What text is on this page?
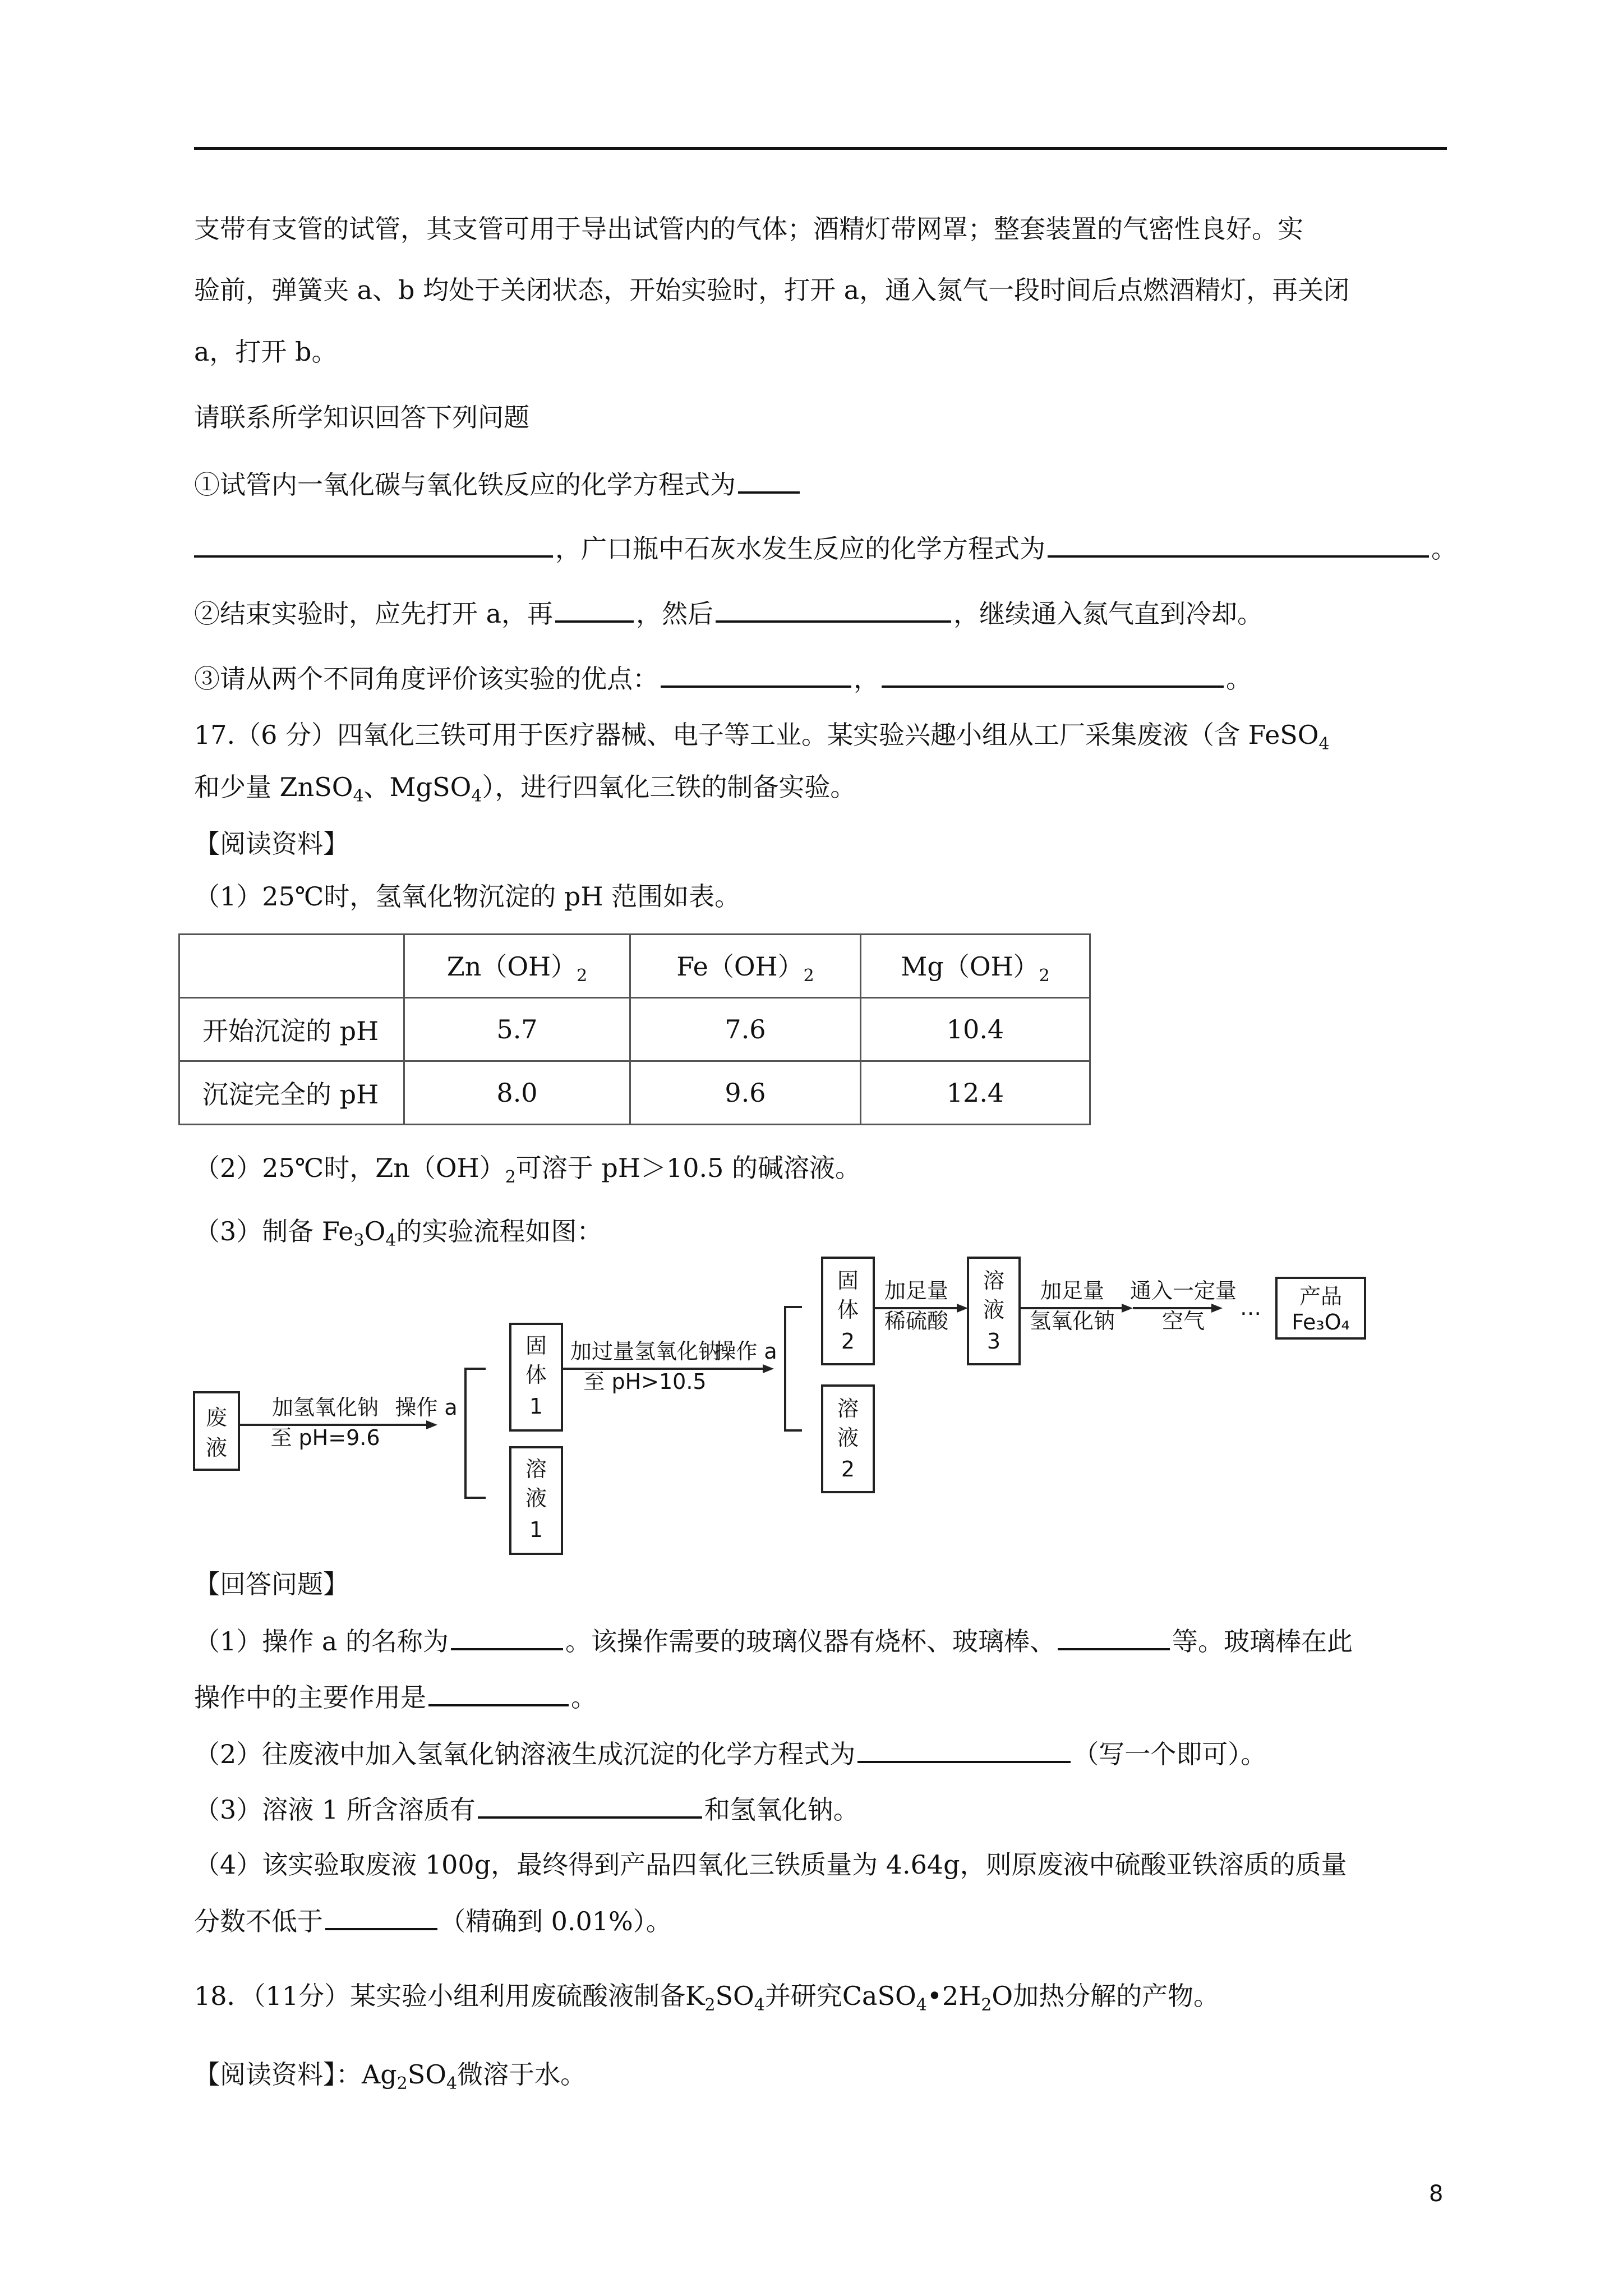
支带有支管的试管，其支管可用于导出试管内的气体；酒精灯带网罩；整套装置的气密性良好。实
验前，弹簧夹 a、b 均处于关闭状态，开始实验时，打开 a，通入氮气一段时间后点燃酒精灯，再关闭
a，打开 b。
请联系所学知识回答下列问题
①试管内一氧化碳与氧化铁反应的化学方程式为
，广口瓶中石灰水发生反应的化学方程式为	。
②结束实验时，应先打开 a，再	，然后	，继续通入氮气直到冷却。
③请从两个不同角度评价该实验的优点：	，	。
17.（6 分）四氧化三铁可用于医疗器械、电子等工业。某实验兴趣小组从工厂采集废液（含 FeSO$_4$
和少量 ZnSO$_4$、MgSO$_4$），进行四氧化三铁的制备实验。
【阅读资料】
（1）25℃时，氢氧化物沉淀的 pH 范围如表。
	$Zn(OH)_2$	$Fe(OH)_2$	$Mg(OH)_2$
开始沉淀的 pH	5.7	7.6	10.4
沉淀完全的 pH	8.0	9.6	12.4
（2）25℃时，$Zn(OH)_2$可溶于 pH＞10.5 的碱溶液。
（3）制备 $Fe_3O_4$的实验流程如图：
废
液
加氢氧化钠
至 pH=9.6
操作 a
固
体
1
溶
液
1
加过量氢氧化钠
至 pH>10.5
操作 a
固
体
2
溶
液
2
加足量
稀硫酸
溶
液
3
加足量
氢氧化钠
通入一定量
空气
… 产品
Fe₃O₄
【回答问题】
（1）操作 a 的名称为	。该操作需要的玻璃仪器有烧杯、玻璃棒、	等。玻璃棒在此
操作中的主要作用是	。
（2）往废液中加入氢氧化钠溶液生成沉淀的化学方程式为	（写一个即可）。
（3）溶液 1 所含溶质有	和氢氧化钠。
（4）该实验取废液 100g，最终得到产品四氧化三铁质量为 4.64g，则原废液中硫酸亚铁溶质的质量
分数不低于	（精确到 0.01%）。
18．（11分）某实验小组利用废硫酸液制备$K_2SO_4$并研究$CaSO_4•2H_2O$加热分解的产物。
【阅读资料】：$Ag_2SO_4$微溶于水。
8
